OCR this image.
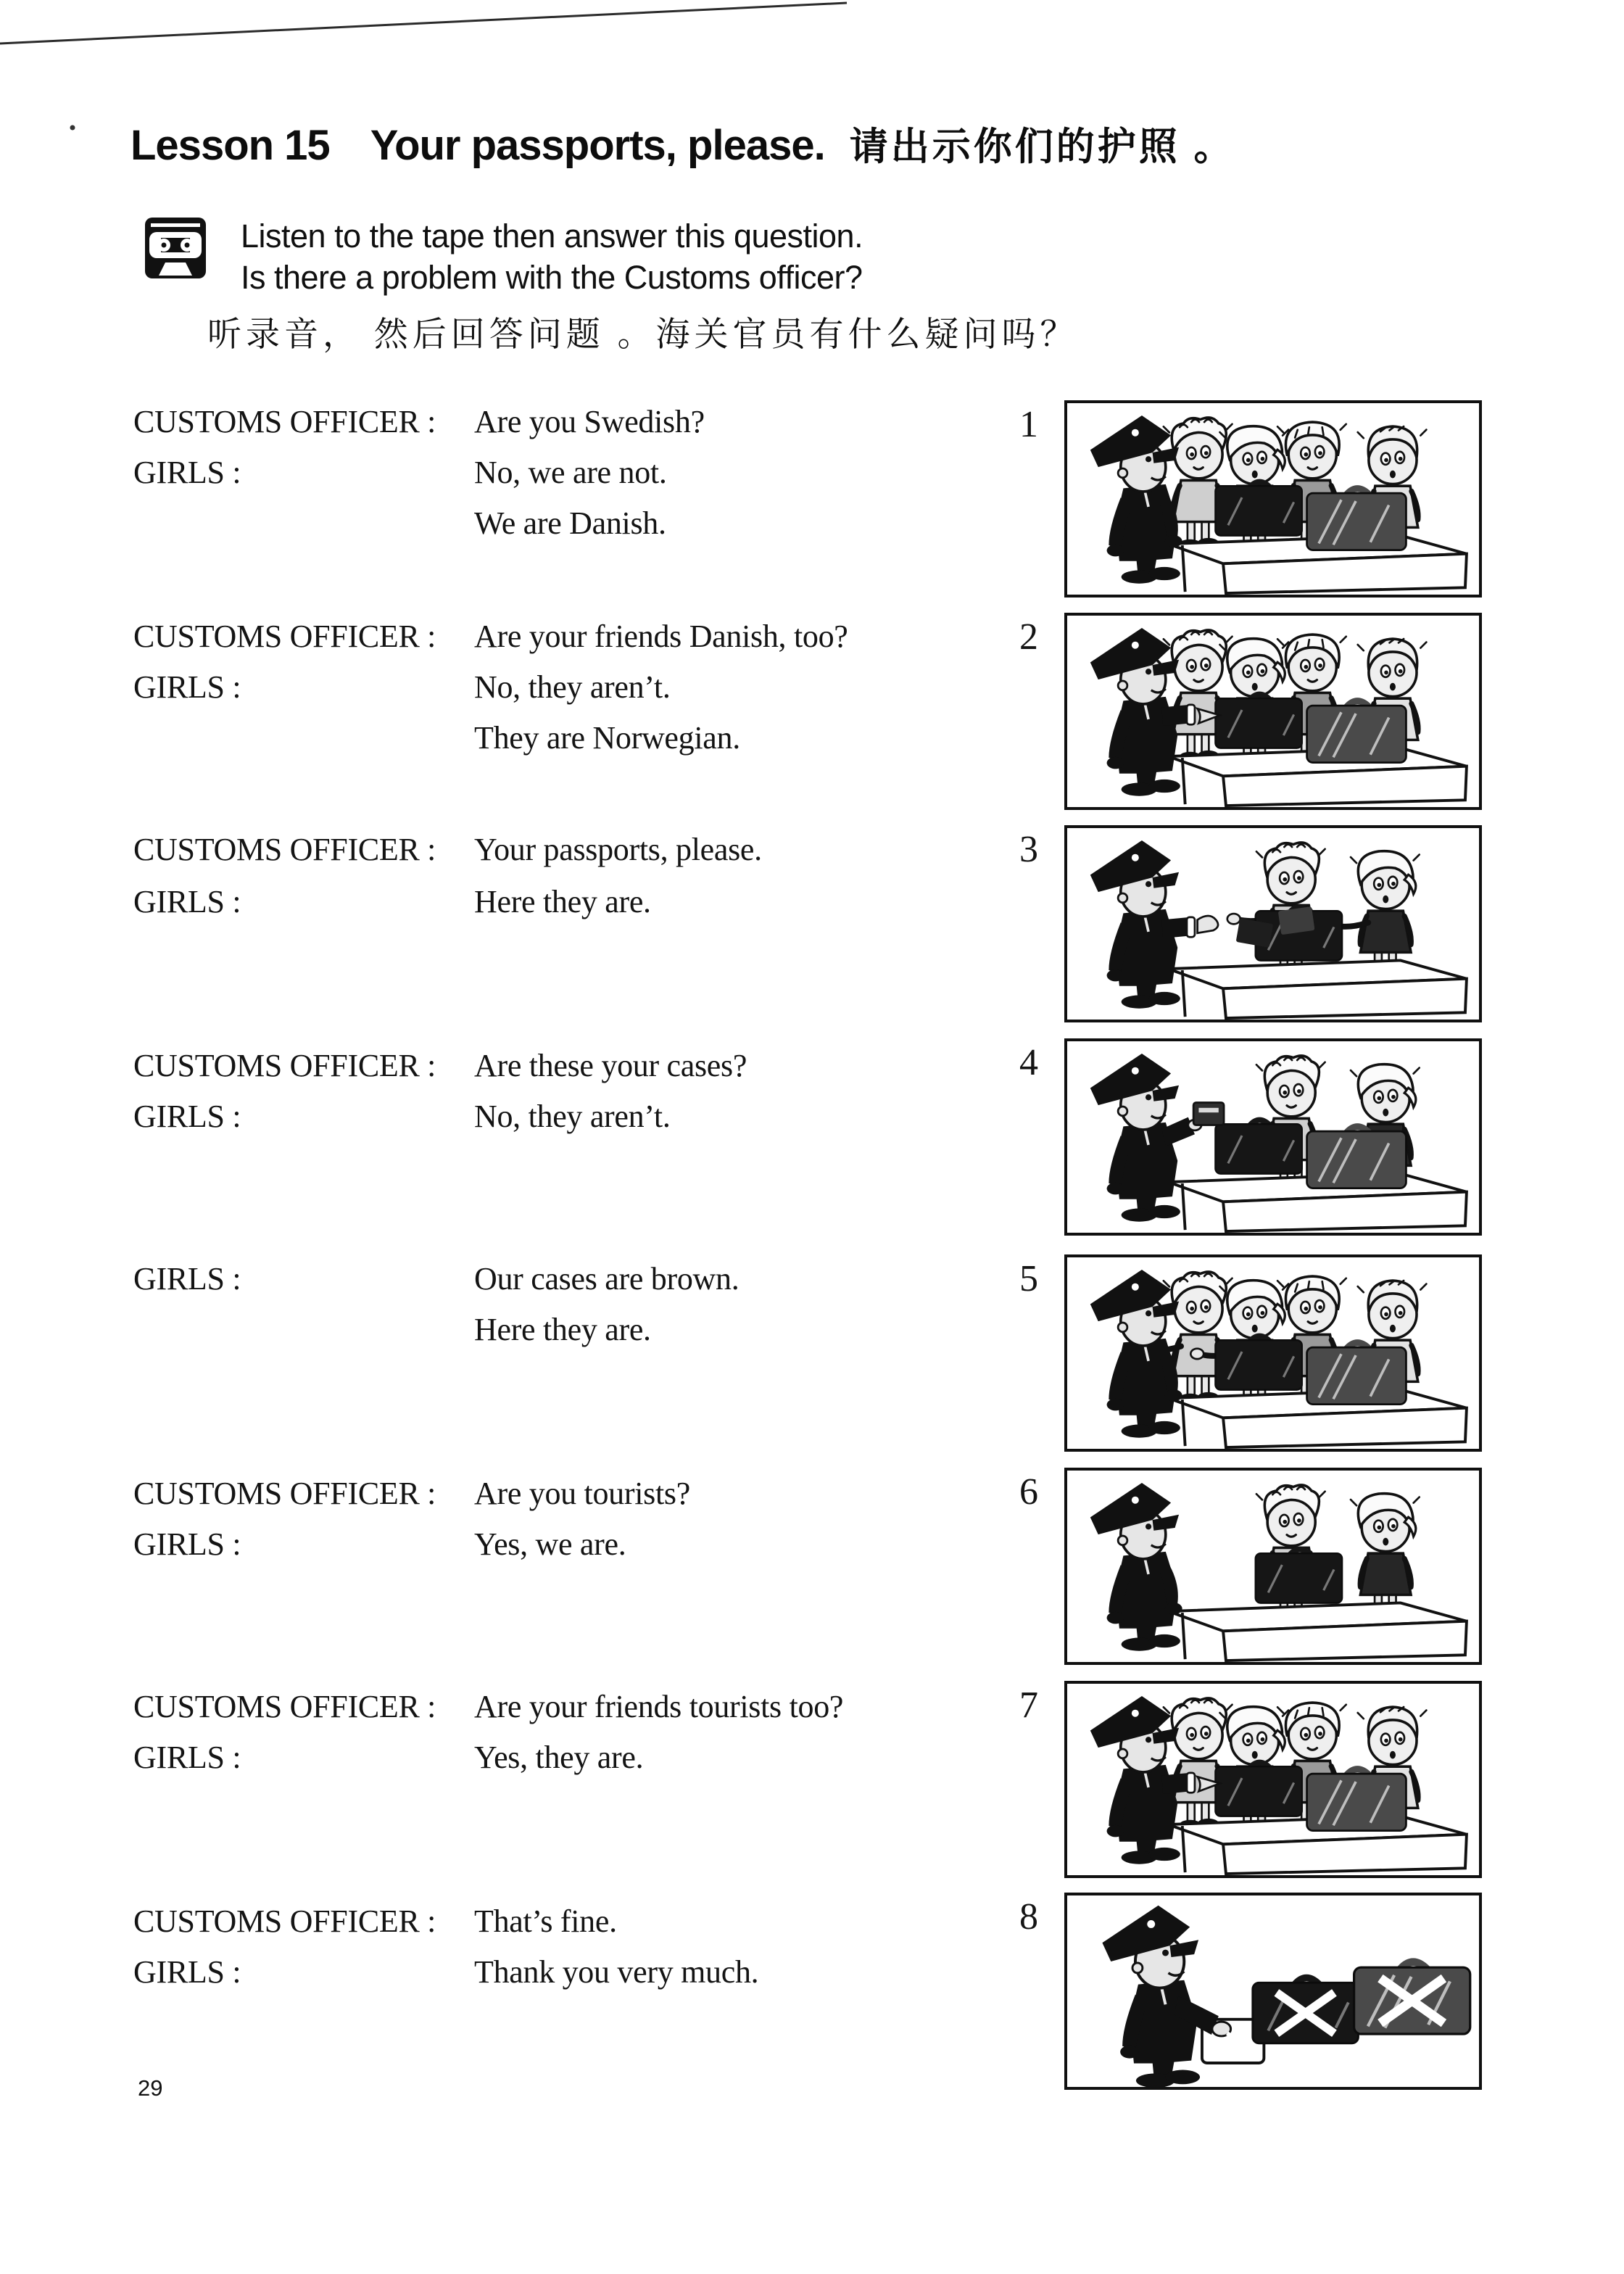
Lesson 15 Your passports, please. 请出示你们的护照 。
Listen to the tape then answer this question.
Is there a problem with the Customs officer?
听录音， 然后回答问题 。海关官员有什么疑问吗？
CUSTOMS OFFICER : Are you Swedish?
GIRLS :	No, we are not.
We are Danish.
CUSTOMS OFFICER : Are your friends Danish, too?
GIRLS :	No, they aren’t.
They are Norwegian.
CUSTOMS OFFICER : Your passports, please.
GIRLS :	Here they are.
CUSTOMS OFFICER : Are these your cases?
GIRLS :	No, they aren’t.
GIRLS :	Our cases are brown.
Here they are.
CUSTOMS OFFICER : Are you tourists?
GIRLS :	Yes, we are.
CUSTOMS OFFICER : Are your friends tourists too?
GIRLS :	Yes, they are.
CUSTOMS OFFICER : That’s fine.
GIRLS :	Thank you very much.
1
2
3
4
5
6
7
8
29
